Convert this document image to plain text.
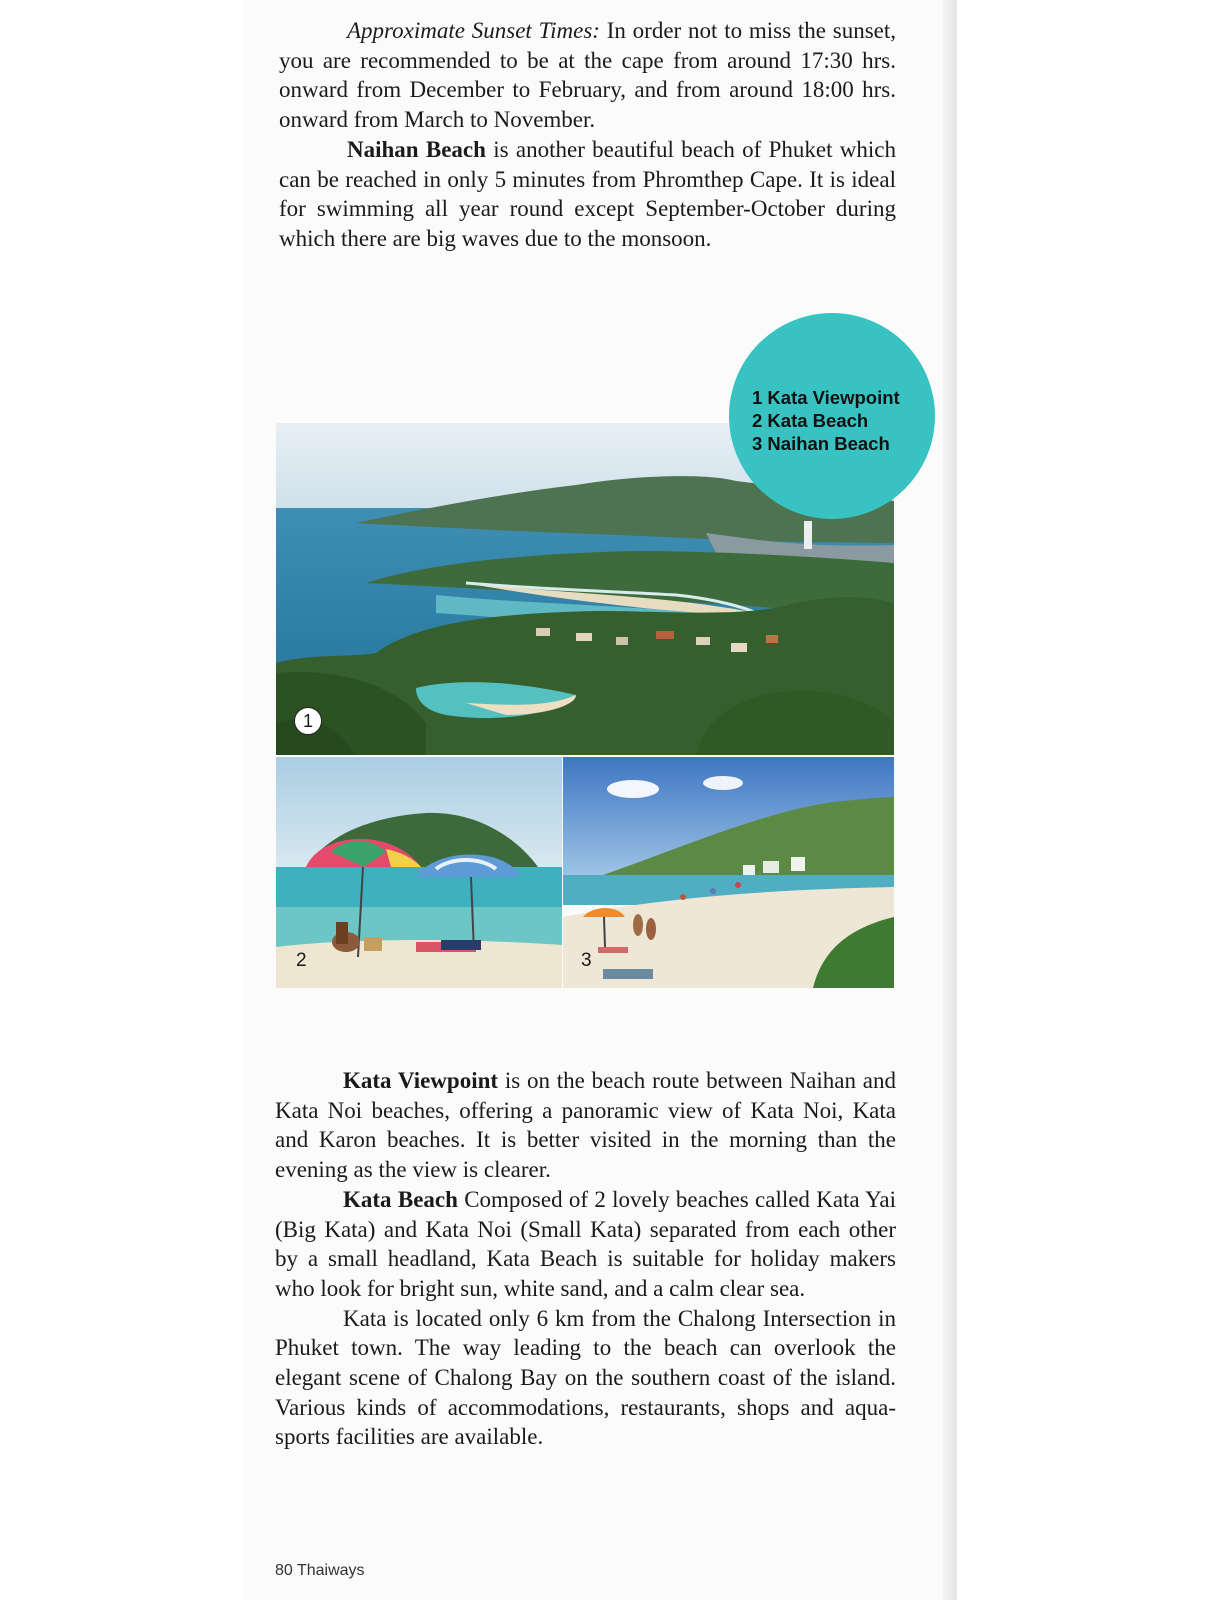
Approximate Sunset Times: In order not to miss the sunset, you are recommended to be at the cape from around 17:30 hrs. onward from December to February, and from around 18:00 hrs. onward from March to November.

Naihan Beach is another beautiful beach of Phuket which can be reached in only 5 minutes from Phromthep Cape. It is ideal for swimming all year round except September-October during which there are big waves due to the monsoon.

1
2	3
1 Kata Viewpoint
2 Kata Beach
3 Naihan Beach

Kata Viewpoint is on the beach route between Naihan and Kata Noi beaches, offering a panoramic view of Kata Noi, Kata and Karon beaches. It is better visited in the morning than the evening as the view is clearer.

Kata Beach Composed of 2 lovely beaches called Kata Yai (Big Kata) and Kata Noi (Small Kata) separated from each other by a small headland, Kata Beach is suitable for holiday makers who look for bright sun, white sand, and a calm clear sea.

Kata is located only 6 km from the Chalong Intersection in Phuket town. The way leading to the beach can overlook the elegant scene of Chalong Bay on the southern coast of the island. Various kinds of accommodations, restaurants, shops and aqua-sports facilities are available.

80 Thaiways
